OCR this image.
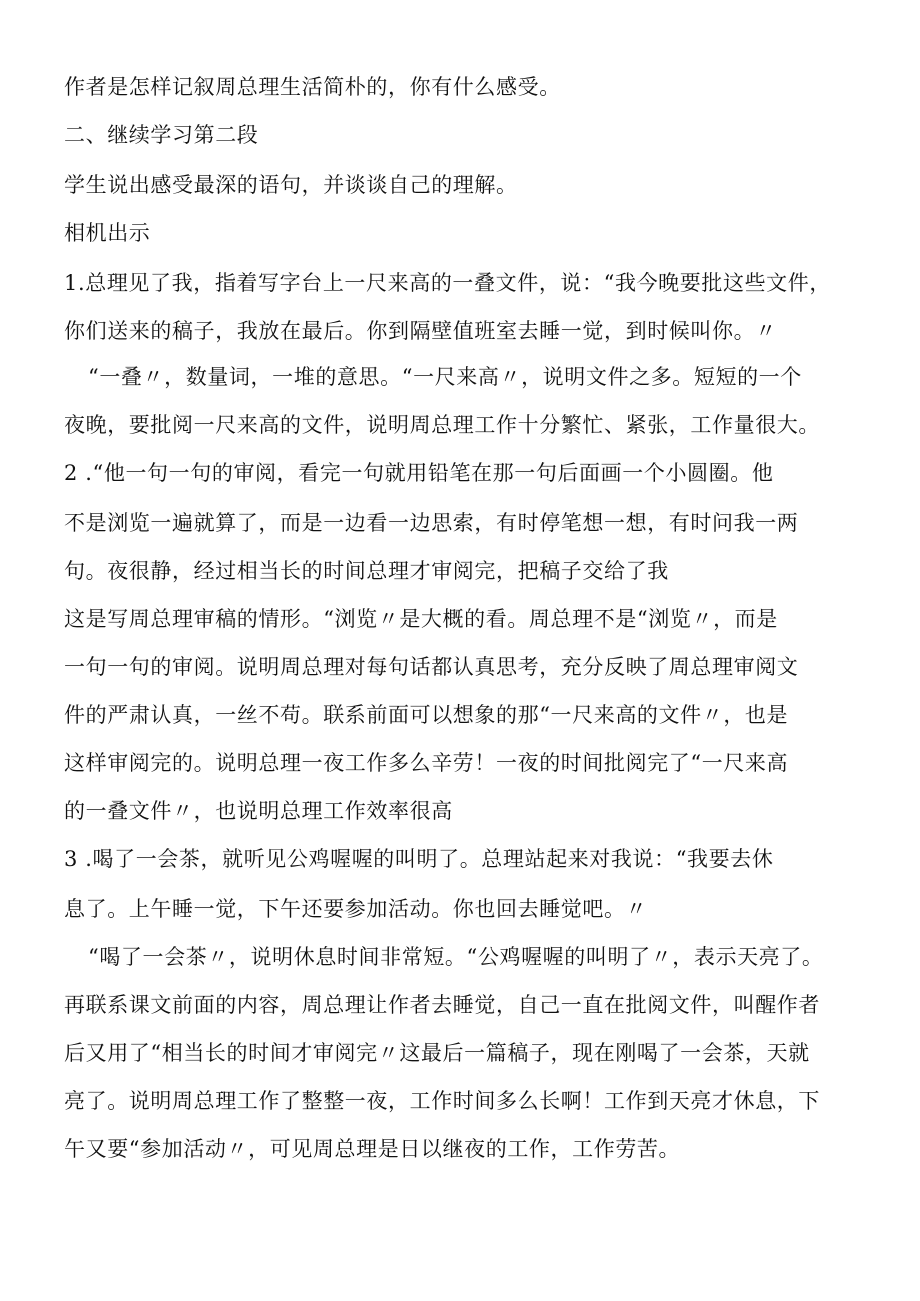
作者是怎样记叙周总理生活简朴的，你有什么感受。
二、继续学习第二段
学生说出感受最深的语句，并谈谈自己的理解。
相机出示
1.总理见了我，指着写字台上一尺来高的一叠文件，说：“我今晚要批这些文件，
你们送来的稿子，我放在最后。你到隔壁值班室去睡一觉，到时候叫你。〃
“一叠〃，数量词，一堆的意思。“一尺来高〃，说明文件之多。短短的一个
夜晚，要批阅一尺来高的文件，说明周总理工作十分繁忙、紧张，工作量很大。
2 .“他一句一句的审阅，看完一句就用铅笔在那一句后面画一个小圆圈。他
不是浏览一遍就算了，而是一边看一边思索，有时停笔想一想，有时问我一两
句。夜很静，经过相当长的时间总理才审阅完，把稿子交给了我
这是写周总理审稿的情形。“浏览〃是大概的看。周总理不是“浏览〃，而是
一句一句的审阅。说明周总理对每句话都认真思考，充分反映了周总理审阅文
件的严肃认真，一丝不苟。联系前面可以想象的那“一尺来高的文件〃，也是
这样审阅完的。说明总理一夜工作多么辛劳！一夜的时间批阅完了“一尺来高
的一叠文件〃，也说明总理工作效率很高
3 .喝了一会茶，就听见公鸡喔喔的叫明了。总理站起来对我说：“我要去休
息了。上午睡一觉，下午还要参加活动。你也回去睡觉吧。〃
“喝了一会茶〃，说明休息时间非常短。“公鸡喔喔的叫明了〃，表示天亮了。
再联系课文前面的内容，周总理让作者去睡觉，自己一直在批阅文件，叫醒作者
后又用了“相当长的时间才审阅完〃这最后一篇稿子，现在刚喝了一会茶，天就
亮了。说明周总理工作了整整一夜，工作时间多么长啊！工作到天亮才休息，下
午又要“参加活动〃，可见周总理是日以继夜的工作，工作劳苦。
